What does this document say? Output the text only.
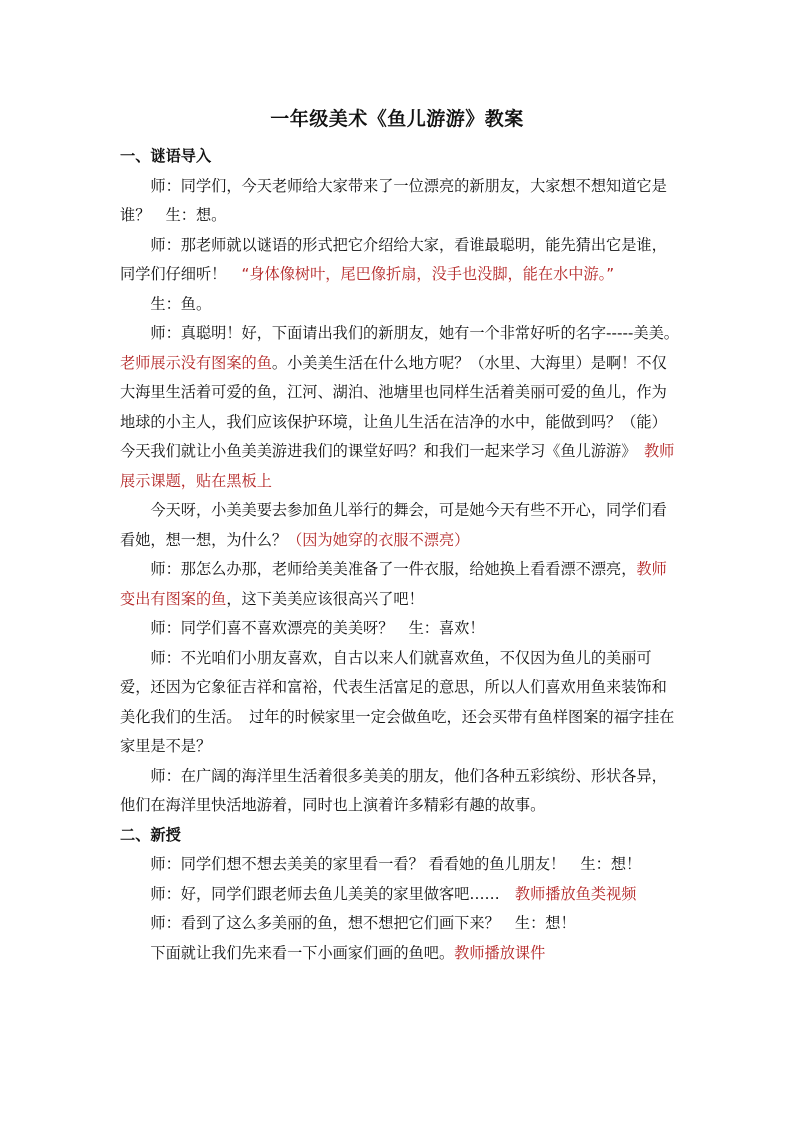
一年级美术《鱼儿游游》教案

一、谜语导入

师：同学们，今天老师给大家带来了一位漂亮的新朋友，大家想不想知道它是谁？　生：想。

师：那老师就以谜语的形式把它介绍给大家，看谁最聪明，能先猜出它是谁，同学们仔细听！　 “身体像树叶，尾巴像折扇，没手也没脚，能在水中游。”

生：鱼。

师：真聪明！好，下面请出我们的新朋友，她有一个非常好听的名字-----美美。老师展示没有图案的鱼。小美美生活在什么地方呢？（水里、大海里）是啊！不仅大海里生活着可爱的鱼，江河、湖泊、池塘里也同样生活着美丽可爱的鱼儿，作为地球的小主人，我们应该保护环境，让鱼儿生活在洁净的水中，能做到吗？（能）今天我们就让小鱼美美游进我们的课堂好吗？和我们一起来学习《鱼儿游游》　教师展示课题，贴在黑板上

今天呀，小美美要去参加鱼儿举行的舞会，可是她今天有些不开心，同学们看看她，想一想，为什么？（因为她穿的衣服不漂亮）

师：那怎么办那，老师给美美准备了一件衣服，给她换上看看漂不漂亮，教师变出有图案的鱼，这下美美应该很高兴了吧！

师：同学们喜不喜欢漂亮的美美呀？　生：喜欢！

师：不光咱们小朋友喜欢，自古以来人们就喜欢鱼，不仅因为鱼儿的美丽可爱，还因为它象征吉祥和富裕，代表生活富足的意思，所以人们喜欢用鱼来装饰和美化我们的生活。　过年的时候家里一定会做鱼吃，还会买带有鱼样图案的福字挂在家里是不是？

师：在广阔的海洋里生活着很多美美的朋友，他们各种五彩缤纷、形状各异，他们在海洋里快活地游着，同时也上演着许多精彩有趣的故事。

二、新授

师：同学们想不想去美美的家里看一看？ 看看她的鱼儿朋友！　生：想！

师：好，同学们跟老师去鱼儿美美的家里做客吧……　教师播放鱼类视频

师：看到了这么多美丽的鱼，想不想把它们画下来？　生：想！

下面就让我们先来看一下小画家们画的鱼吧。教师播放课件
